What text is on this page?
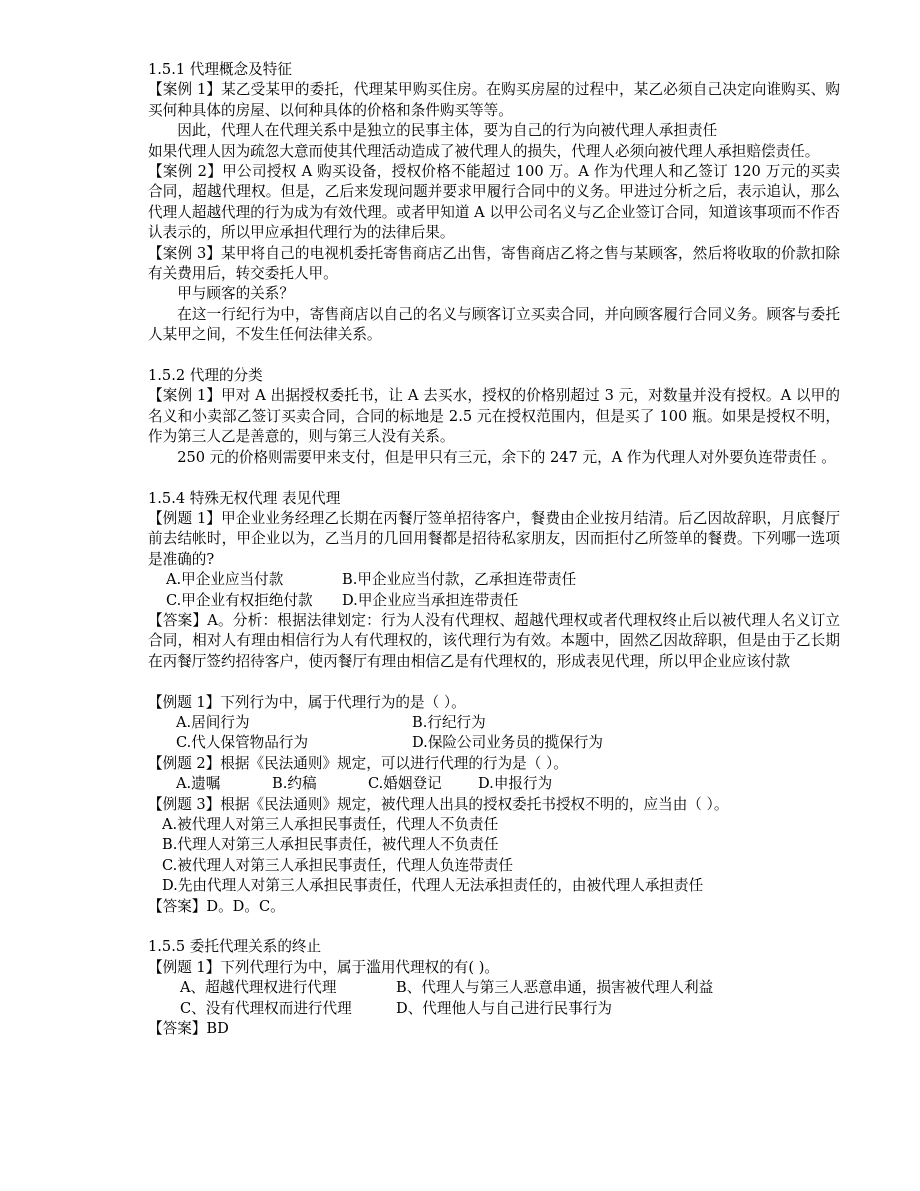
1.5.1 代理概念及特征

【案例 1】某乙受某甲的委托，代理某甲购买住房。在购买房屋的过程中，某乙必须自己决定向谁购买、购买何种具体的房屋、以何种具体的价格和条件购买等等。

因此，代理人在代理关系中是独立的民事主体，要为自己的行为向被代理人承担责任

如果代理人因为疏忽大意而使其代理活动造成了被代理人的损失，代理人必须向被代理人承担赔偿责任。

【案例 2】甲公司授权 A 购买设备，授权价格不能超过 100 万。A 作为代理人和乙签订 120 万元的买卖合同，超越代理权。但是，乙后来发现问题并要求甲履行合同中的义务。甲进过分析之后，表示追认，那么代理人超越代理的行为成为有效代理。或者甲知道 A 以甲公司名义与乙企业签订合同，知道该事项而不作否认表示的，所以甲应承担代理行为的法律后果。

【案例 3】某甲将自己的电视机委托寄售商店乙出售，寄售商店乙将之售与某顾客，然后将收取的价款扣除有关费用后，转交委托人甲。

甲与顾客的关系？

在这一行纪行为中，寄售商店以自己的名义与顾客订立买卖合同，并向顾客履行合同义务。顾客与委托人某甲之间，不发生任何法律关系。

1.5.2 代理的分类

【案例 1】甲对 A 出据授权委托书，让 A 去买水，授权的价格别超过 3 元，对数量并没有授权。A 以甲的名义和小卖部乙签订买卖合同，合同的标地是 2.5 元在授权范围内，但是买了 100 瓶。如果是授权不明，作为第三人乙是善意的，则与第三人没有关系。

250 元的价格则需要甲来支付，但是甲只有三元，余下的 247 元，A 作为代理人对外要负连带责任 。

1.5.4 特殊无权代理 表见代理

【例题 1】甲企业业务经理乙长期在丙餐厅签单招待客户，餐费由企业按月结清。后乙因故辞职，月底餐厅前去结帐时，甲企业以为，乙当月的几回用餐都是招待私家朋友，因而拒付乙所签单的餐费。下列哪一选项是准确的?

A.甲企业应当付款	B.甲企业应当付款，乙承担连带责任
C.甲企业有权拒绝付款	D.甲企业应当承担连带责任

【答案】A。分析：根据法律划定：行为人没有代理权、超越代理权或者代理权终止后以被代理人名义订立合同，相对人有理由相信行为人有代理权的，该代理行为有效。本题中，固然乙因故辞职，但是由于乙长期在丙餐厅签约招待客户，使丙餐厅有理由相信乙是有代理权的，形成表见代理，所以甲企业应该付款

【例题 1】下列行为中，属于代理行为的是（ ）。

A.居间行为	B.行纪行为
C.代人保管物品行为	D.保险公司业务员的揽保行为

【例题 2】根据《民法通则》规定，可以进行代理的行为是（ ）。

A.遗嘱	B.约稿	C.婚姻登记	D.申报行为

【例题 3】根据《民法通则》规定，被代理人出具的授权委托书授权不明的，应当由（ ）。

A.被代理人对第三人承担民事责任，代理人不负责任

B.代理人对第三人承担民事责任，被代理人不负责任

C.被代理人对第三人承担民事责任，代理人负连带责任

D.先由代理人对第三人承担民事责任，代理人无法承担责任的，由被代理人承担责任

【答案】D。D。C。

1.5.5 委托代理关系的终止

【例题 1】下列代理行为中，属于滥用代理权的有( )。

A、超越代理权进行代理	B、代理人与第三人恶意串通，损害被代理人利益
C、没有代理权而进行代理	D、代理他人与自己进行民事行为

【答案】BD
